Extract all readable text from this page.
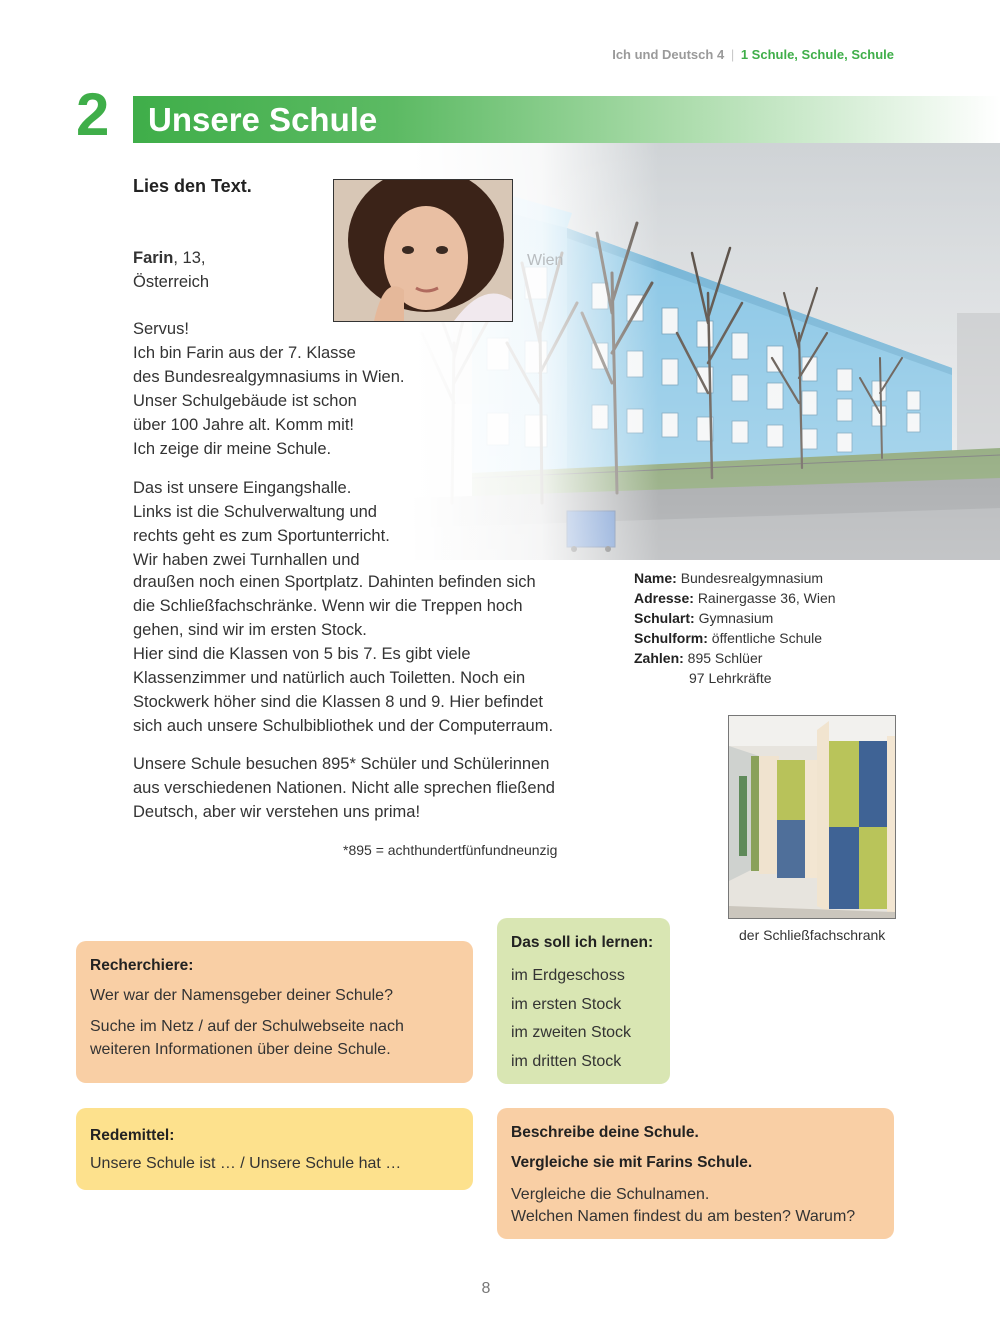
Ich und Deutsch 4 | 1 Schule, Schule, Schule
2 Unsere Schule
Wien
Lies den Text.
Farin, 13,
Österreich
Servus!
Ich bin Farin aus der 7. Klasse
des Bundesrealgymnasiums in Wien.
Unser Schulgebäude ist schon
über 100 Jahre alt. Komm mit!
Ich zeige dir meine Schule.
Das ist unsere Eingangshalle.
Links ist die Schulverwaltung und
rechts geht es zum Sportunterricht.
Wir haben zwei Turnhallen und
draußen noch einen Sportplatz. Dahinten befinden sich
die Schließfachschränke. Wenn wir die Treppen hoch
gehen, sind wir im ersten Stock.
Hier sind die Klassen von 5 bis 7. Es gibt viele
Klassenzimmer und natürlich auch Toiletten. Noch ein
Stockwerk höher sind die Klassen 8 und 9. Hier befindet
sich auch unsere Schulbibliothek und der Computerraum.
Unsere Schule besuchen 895* Schüler und Schülerinnen
aus verschiedenen Nationen. Nicht alle sprechen fließend
Deutsch, aber wir verstehen uns prima!
*895 = achthundertfünfundneunzig
Name: Bundesrealgymnasium
Adresse: Rainergasse 36, Wien
Schulart: Gymnasium
Schulform: öffentliche Schule
Zahlen: 895 Schlüer
97 Lehrkräfte
der Schließfachschrank
Recherchiere:
Wer war der Namensgeber deiner Schule?
Suche im Netz / auf der Schulwebseite nach
weiteren Informationen über deine Schule.
Das soll ich lernen:
im Erdgeschoss
im ersten Stock
im zweiten Stock
im dritten Stock
Redemittel:
Unsere Schule ist … / Unsere Schule hat …
Beschreibe deine Schule.
Vergleiche sie mit Farins Schule.
Vergleiche die Schulnamen.
Welchen Namen findest du am besten? Warum?
8
